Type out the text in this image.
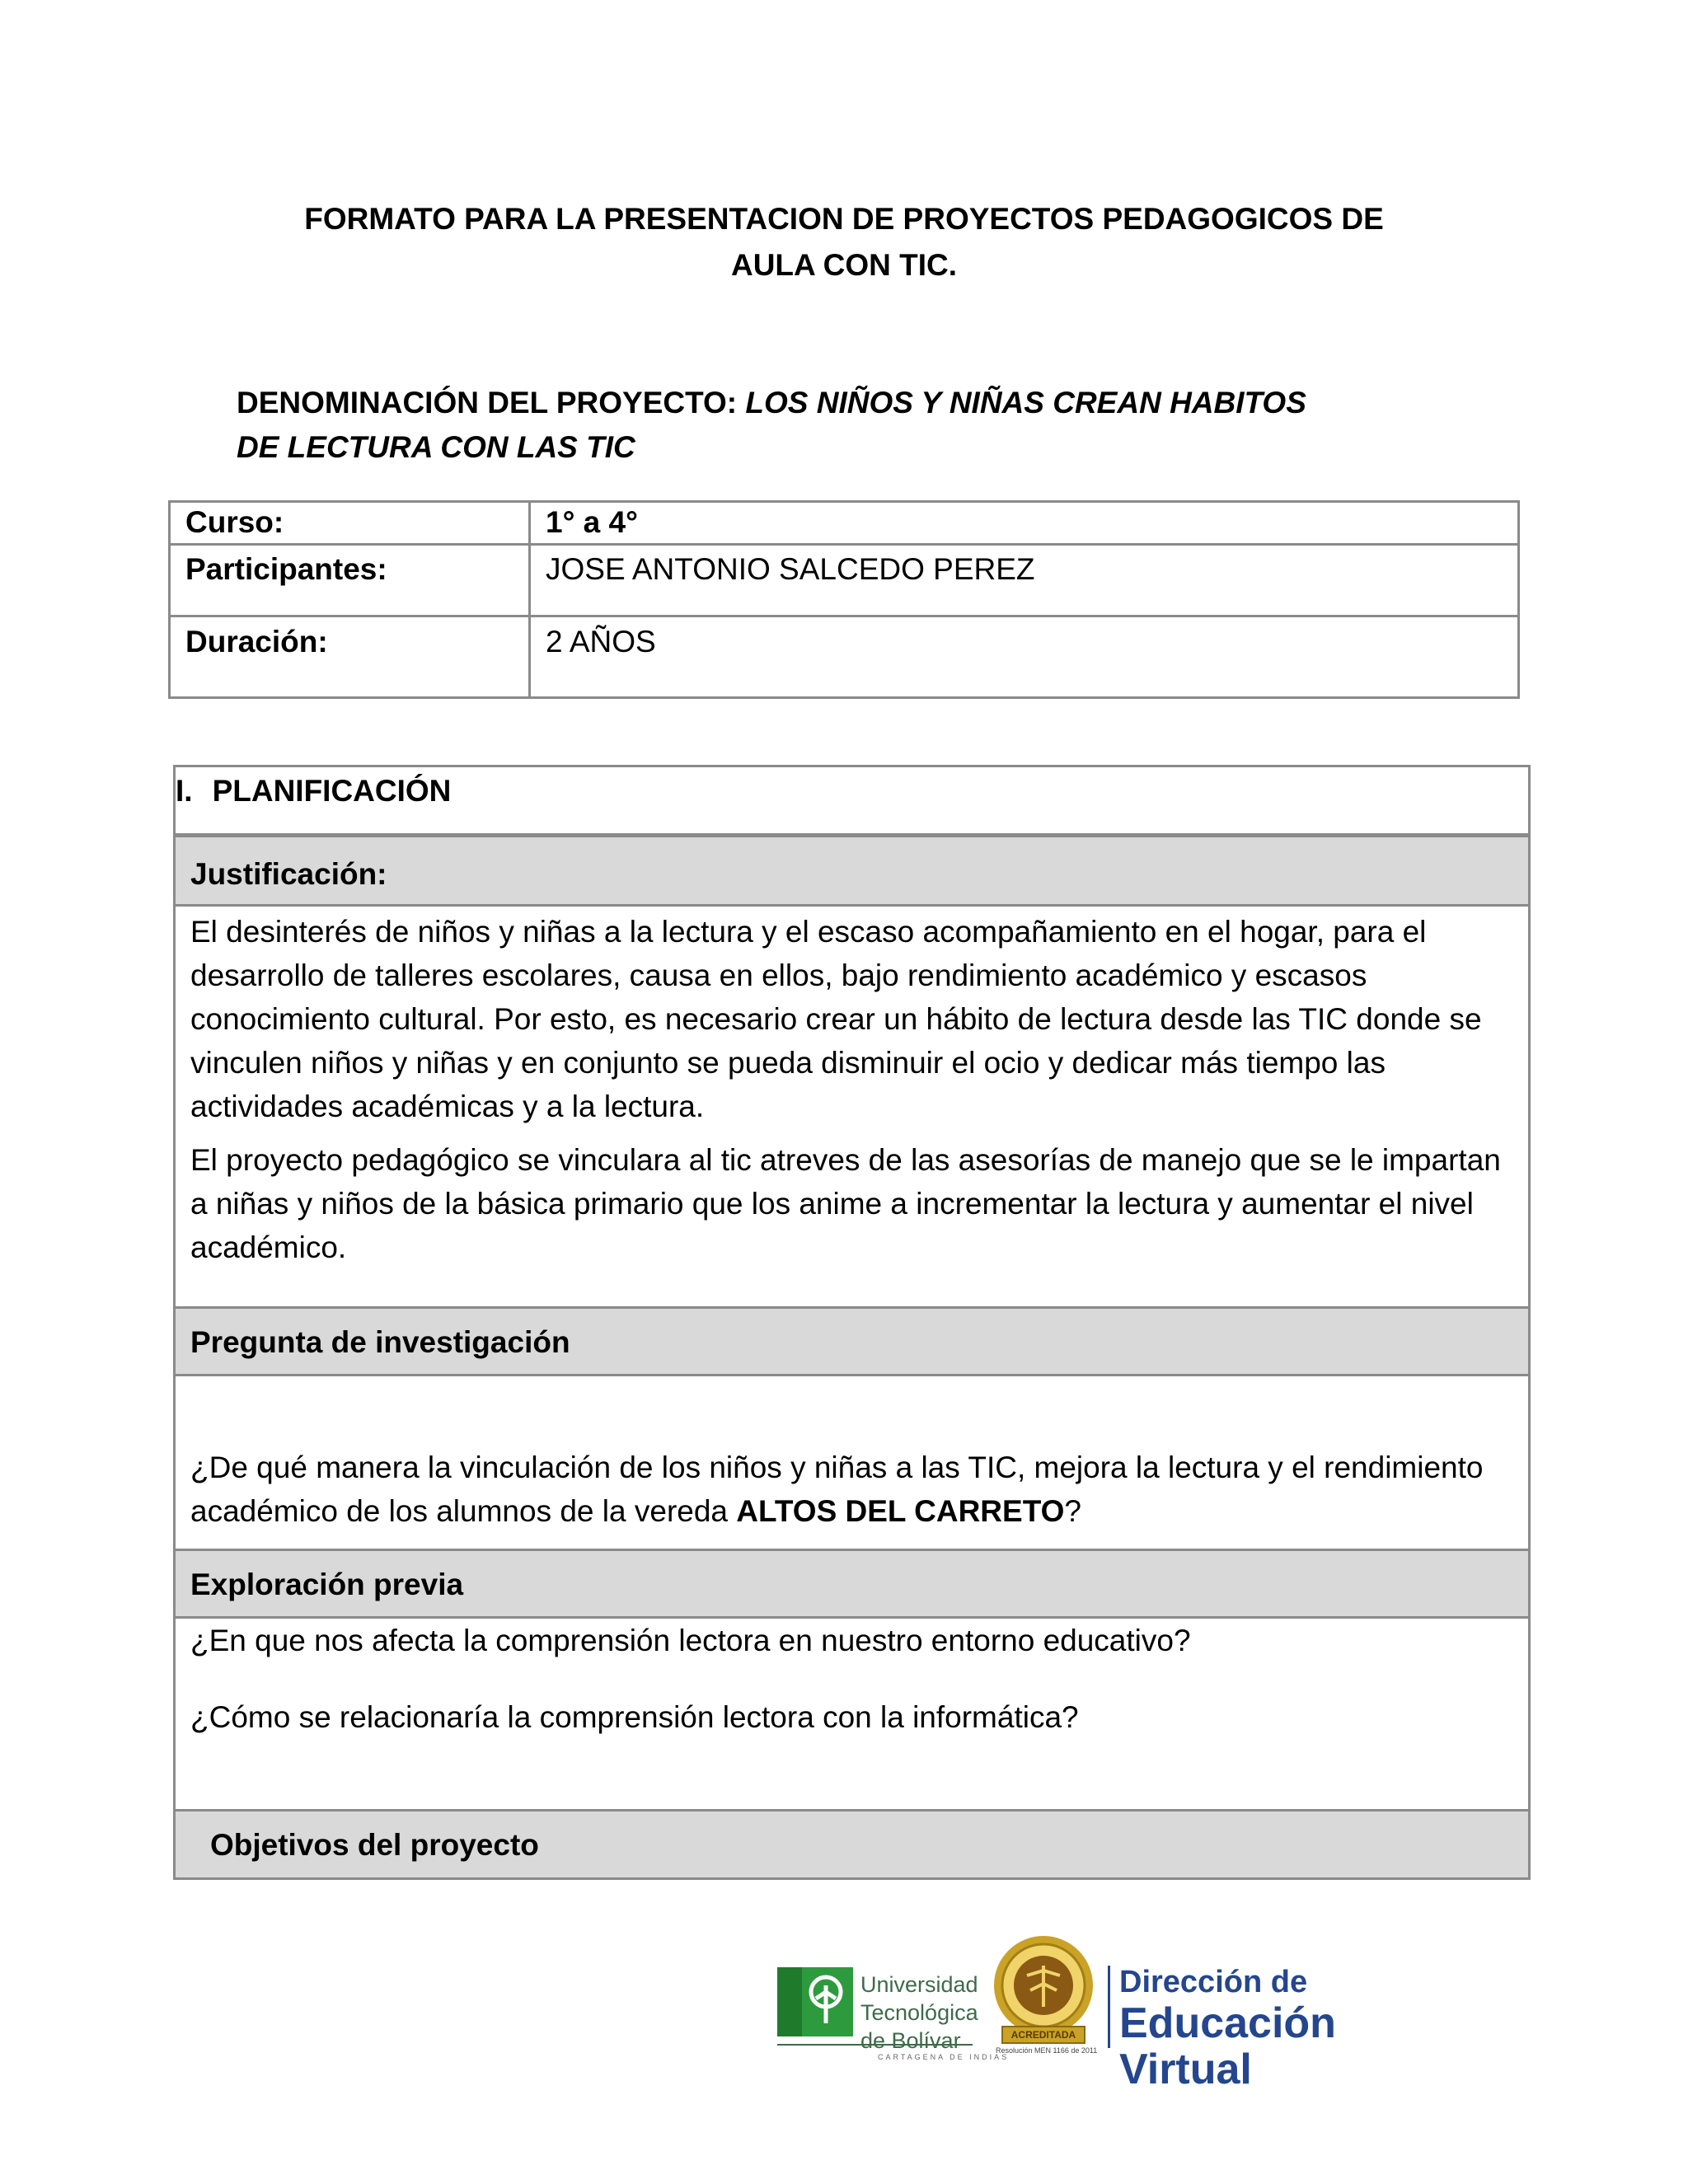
FORMATO PARA LA PRESENTACION DE PROYECTOS PEDAGOGICOS DE
AULA CON TIC.
DENOMINACIÓN DEL PROYECTO: LOS NIÑOS Y NIÑAS CREAN HABITOS
DE LECTURA CON LAS TIC
Curso:	1° a 4°
Participantes:	JOSE ANTONIO SALCEDO PEREZ
Duración:	2 AÑOS
I. PLANIFICACIÓN
Justificación:

El desinterés de niños y niñas a la lectura y el escaso acompañamiento en el hogar, para el desarrollo de talleres escolares, causa en ellos, bajo rendimiento académico y escasos conocimiento cultural. Por esto, es necesario crear un hábito de lectura desde las TIC donde se vinculen niños y niñas y en conjunto se pueda disminuir el ocio y dedicar más tiempo las actividades académicas y a la lectura.

El proyecto pedagógico se vinculara al tic atreves de las asesorías de manejo que se le impartan a niñas y niños de la básica primario que los anime a incrementar la lectura y aumentar el nivel académico.

Pregunta de investigación

¿De qué manera la vinculación de los niños y niñas a las TIC, mejora la lectura y el rendimiento académico de los alumnos de la vereda ALTOS DEL CARRETO?

Exploración previa

¿En que nos afecta la comprensión lectora en nuestro entorno educativo?

¿Cómo se relacionaría la comprensión lectora con la informática?

Objetivos del proyecto
Universidad
Tecnológica
de Bolívar
CARTAGENA DE INDIAS
ACREDITADA
Resolución MEN 1166 de 2011
Dirección de
Educación Virtual
